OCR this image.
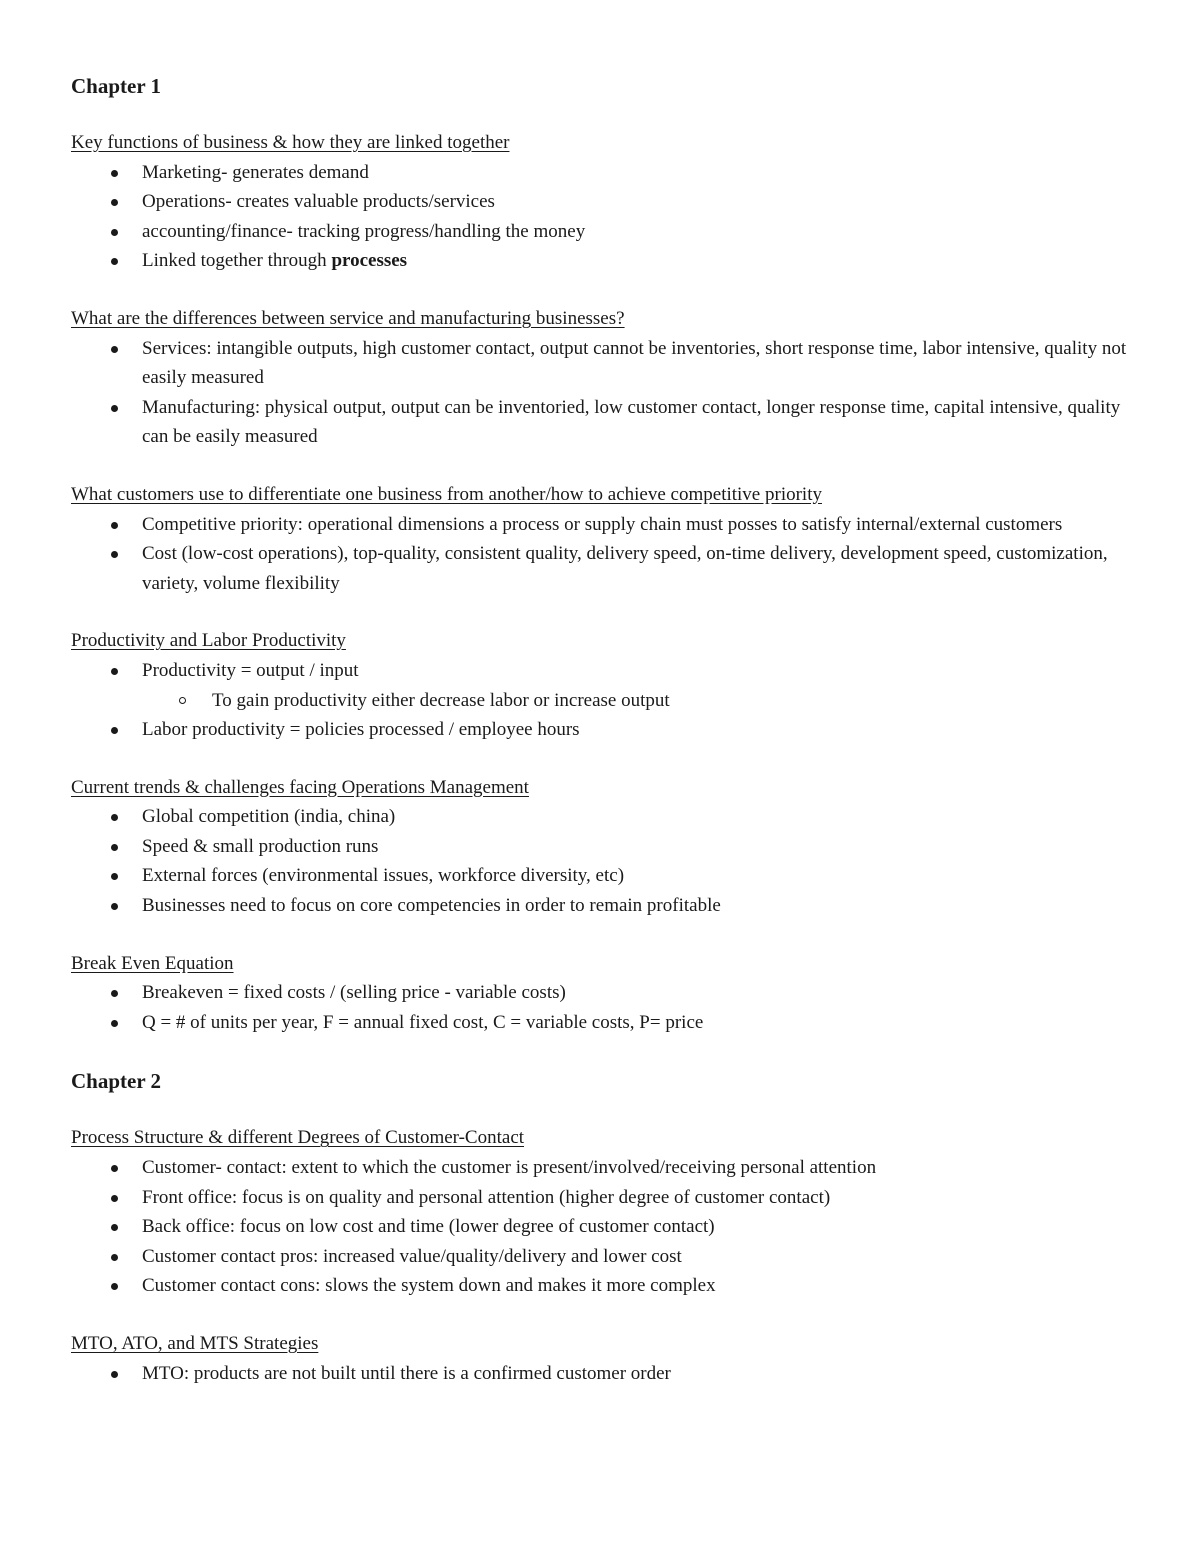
Chapter 1
Key functions of business & how they are linked together
Marketing- generates demand
Operations- creates valuable products/services
accounting/finance- tracking progress/handling the money
Linked together through processes
What are the differences between service and manufacturing businesses?
Services: intangible outputs, high customer contact, output cannot be inventories, short response time, labor intensive, quality not easily measured
Manufacturing: physical output, output can be inventoried, low customer contact, longer response time, capital intensive, quality can be easily measured
What customers use to differentiate one business from another/how to achieve competitive priority
Competitive priority: operational dimensions a process or supply chain must posses to satisfy internal/external customers
Cost (low-cost operations), top-quality, consistent quality, delivery speed, on-time delivery, development speed, customization, variety, volume flexibility
Productivity and Labor Productivity
Productivity = output / input
To gain productivity either decrease labor or increase output
Labor productivity = policies processed / employee hours
Current trends & challenges facing Operations Management
Global competition (india, china)
Speed & small production runs
External forces (environmental issues, workforce diversity, etc)
Businesses need to focus on core competencies in order to remain profitable
Break Even Equation
Breakeven = fixed costs / (selling price - variable costs)
Q = # of units per year, F = annual fixed cost, C = variable costs, P= price
Chapter 2
Process Structure & different Degrees of Customer-Contact
Customer- contact: extent to which the customer is present/involved/receiving personal attention
Front office: focus is on quality and personal attention (higher degree of customer contact)
Back office: focus on low cost and time (lower degree of customer contact)
Customer contact pros: increased value/quality/delivery and lower cost
Customer contact cons: slows the system down and makes it more complex
MTO, ATO, and MTS Strategies
MTO: products are not built until there is a confirmed customer order
